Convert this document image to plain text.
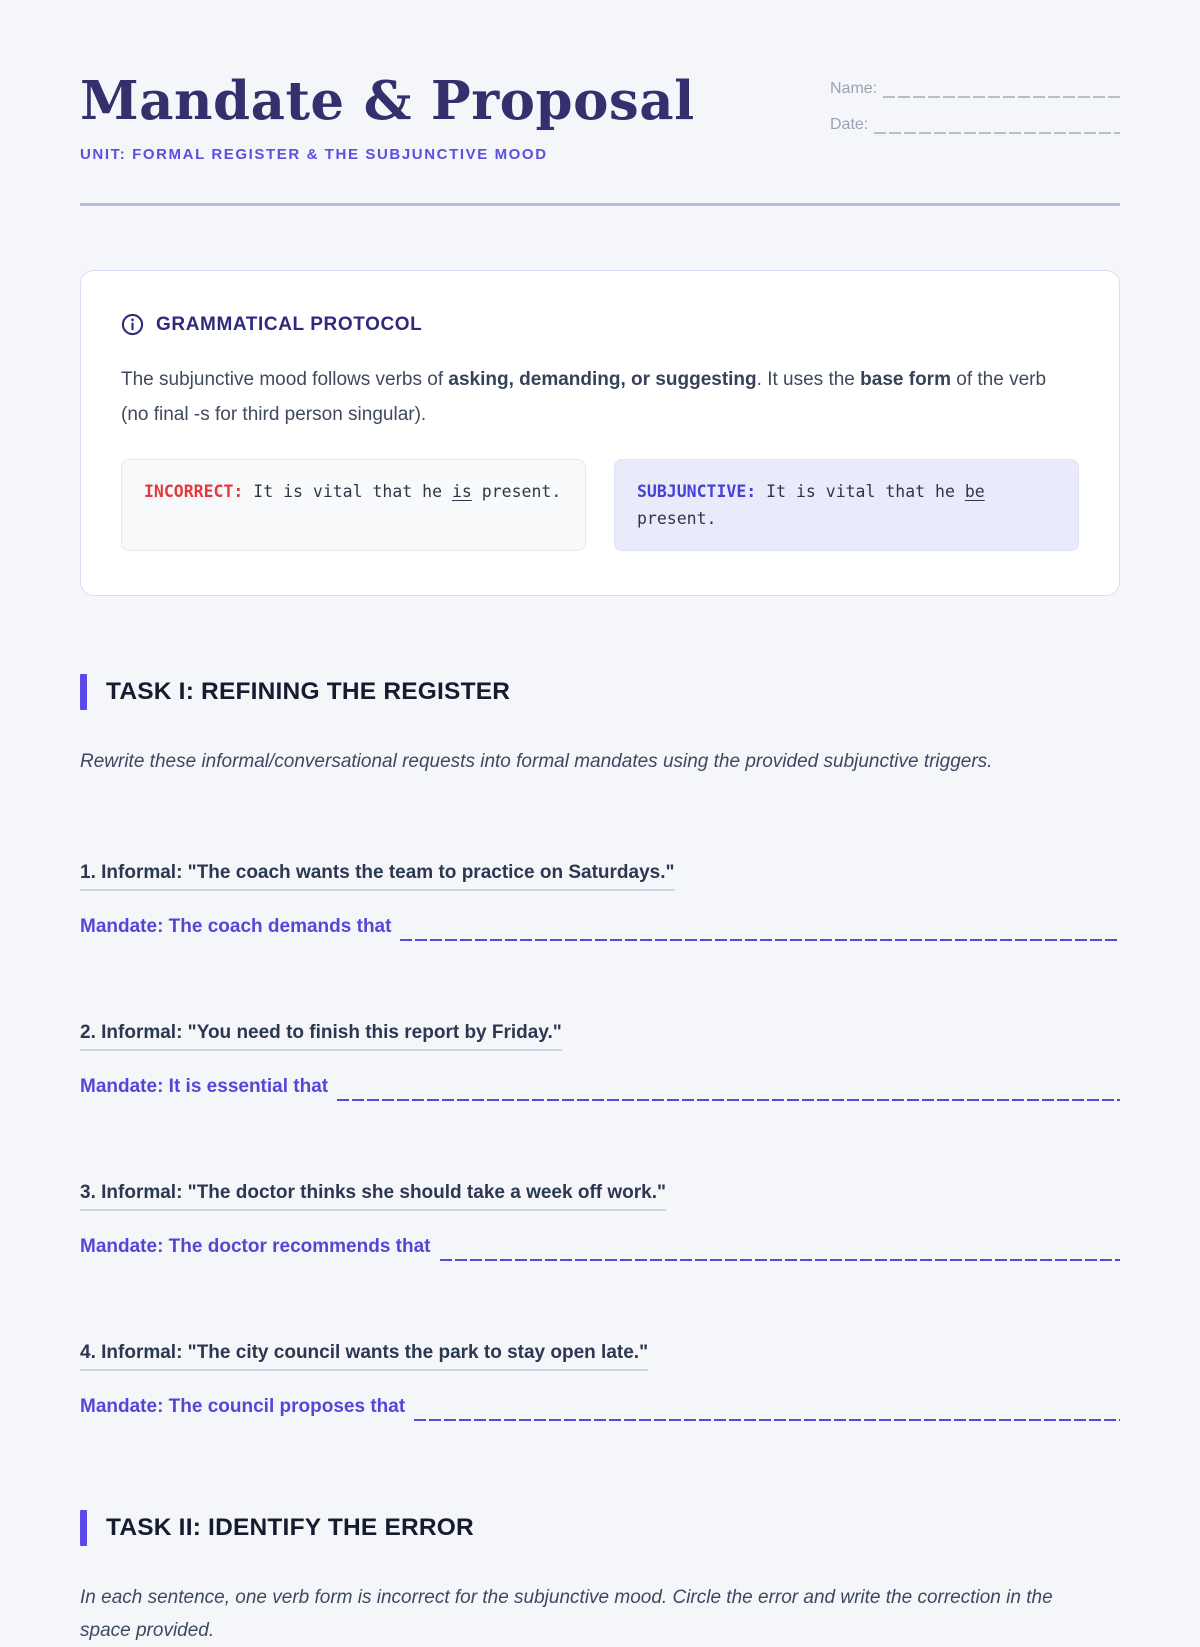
Mandate & Proposal
UNIT: FORMAL REGISTER & THE SUBJUNCTIVE MOOD
Name:
Date:
GRAMMATICAL PROTOCOL

The subjunctive mood follows verbs of asking, demanding, or suggesting. It uses the base form of the verb (no final -s for third person singular).

INCORRECT: It is vital that he is present.	SUBJUNCTIVE: It is vital that he be present.
TASK I: REFINING THE REGISTER

Rewrite these informal/conversational requests into formal mandates using the provided subjunctive triggers.

1. Informal: "The coach wants the team to practice on Saturdays."
Mandate: The coach demands that
2. Informal: "You need to finish this report by Friday."
Mandate: It is essential that
3. Informal: "The doctor thinks she should take a week off work."
Mandate: The doctor recommends that
4. Informal: "The city council wants the park to stay open late."
Mandate: The council proposes that
TASK II: IDENTIFY THE ERROR

In each sentence, one verb form is incorrect for the subjunctive mood. Circle the error and write the correction in the space provided.
